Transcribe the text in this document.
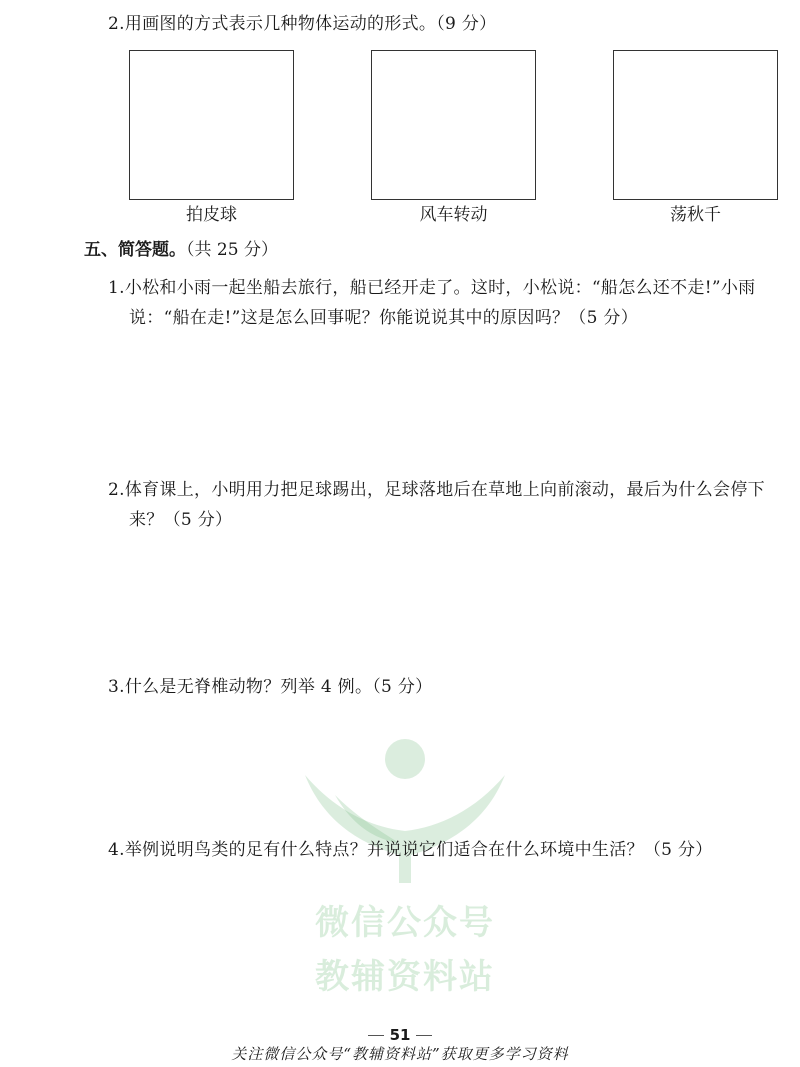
2.用画图的方式表示几种物体运动的形式。（9 分）
拍皮球	风车转动	荡秋千
五、简答题。（共 25 分）
1.小松和小雨一起坐船去旅行，船已经开走了。这时，小松说：“船怎么还不走!”小雨
说：“船在走!”这是怎么回事呢？你能说说其中的原因吗？（5 分）
2.体育课上，小明用力把足球踢出，足球落地后在草地上向前滚动，最后为什么会停下
来？（5 分）
3.什么是无脊椎动物？列举 4 例。（5 分）
微信公众号
教辅资料站
4.举例说明鸟类的足有什么特点？并说说它们适合在什么环境中生活？（5 分）
51
关注微信公众号“教辅资料站”获取更多学习资料
